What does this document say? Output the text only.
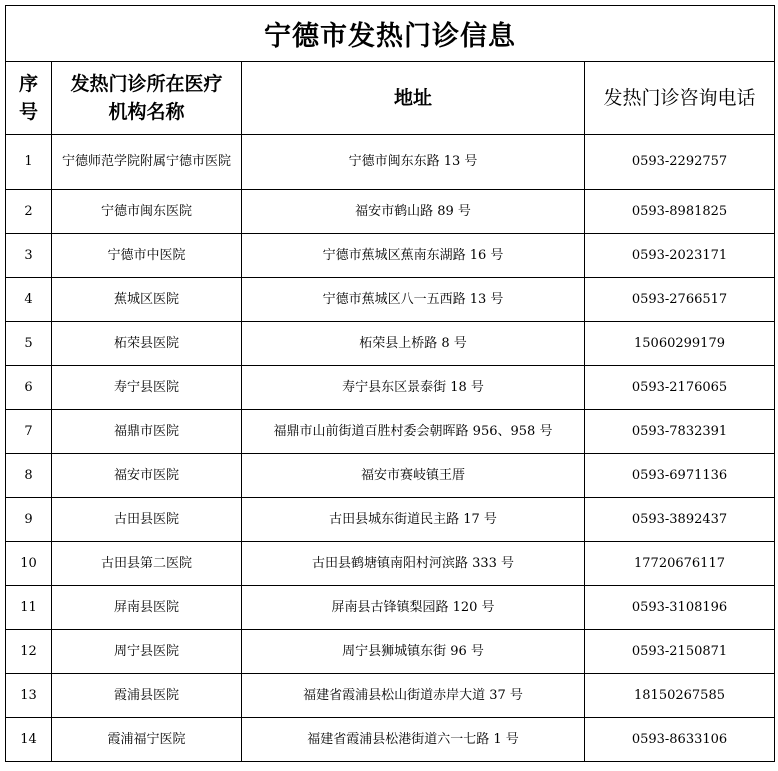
宁德市发热门诊信息			
序号	发热门诊所在医疗机构名称	地址	发热门诊咨询电话
1	宁德师范学院附属宁德市医院	宁德市闽东东路 13 号	0593-2292757
2	宁德市闽东医院	福安市鹤山路 89 号	0593-8981825
3	宁德市中医院	宁德市蕉城区蕉南东湖路 16 号	0593-2023171
4	蕉城区医院	宁德市蕉城区八一五西路 13 号	0593-2766517
5	柘荣县医院	柘荣县上桥路 8 号	15060299179
6	寿宁县医院	寿宁县东区景泰街 18 号	0593-2176065
7	福鼎市医院	福鼎市山前街道百胜村委会朝晖路 956、958 号	0593-7832391
8	福安市医院	福安市赛岐镇王厝	0593-6971136
9	古田县医院	古田县城东街道民主路 17 号	0593-3892437
10	古田县第二医院	古田县鹤塘镇南阳村河滨路 333 号	17720676117
11	屏南县医院	屏南县古锋镇梨园路 120 号	0593-3108196
12	周宁县医院	周宁县狮城镇东街 96 号	0593-2150871
13	霞浦县医院	福建省霞浦县松山街道赤岸大道 37 号	18150267585
14	霞浦福宁医院	福建省霞浦县松港街道六一七路 1 号	0593-8633106
